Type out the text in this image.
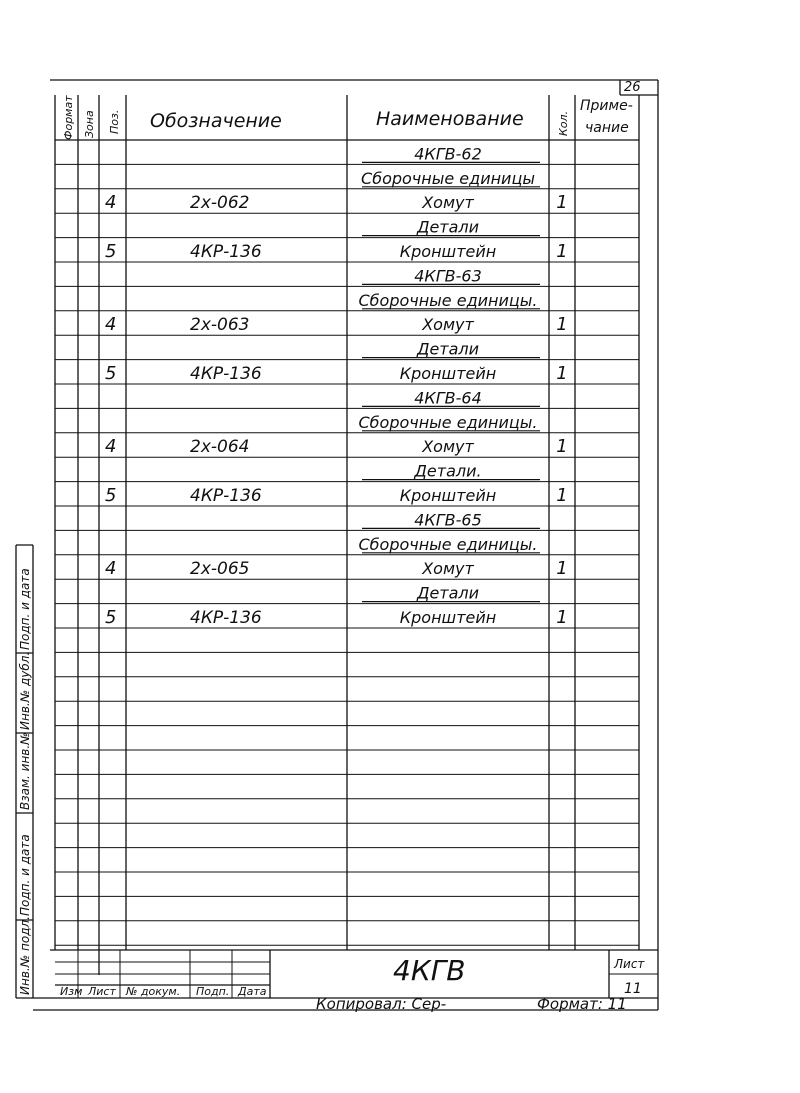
26
Формат Зона Поз. Обозначение	Наименование	Кол.
Приме-
чание
4КГВ-62
Сборочные единицы
4	2x-062	Хомут	1
Детали
5	4КР-136	Кронштейн	1
4КГВ-63
Сборочные единицы.
4	2x-063	Хомут	1
Детали
5	4КР-136	Кронштейн	1
4КГВ-64
Сборочные единицы.
4	2x-064	Хомут	1
Детали.
5	4КР-136	Кронштейн	1
4КГВ-65
Сборочные единицы.
4	2x-065	Хомут	1
Детали
5	4КР-136	Кронштейн	1
Подп. и дата
Инв.№ дубл.
Взам. инв.№
Подп. и дата
Инв.№ подл.	4КГВ	Лист
11
Изм Лист № докум. Подп. Дата
Копировал: Сер-	Формат: 11
